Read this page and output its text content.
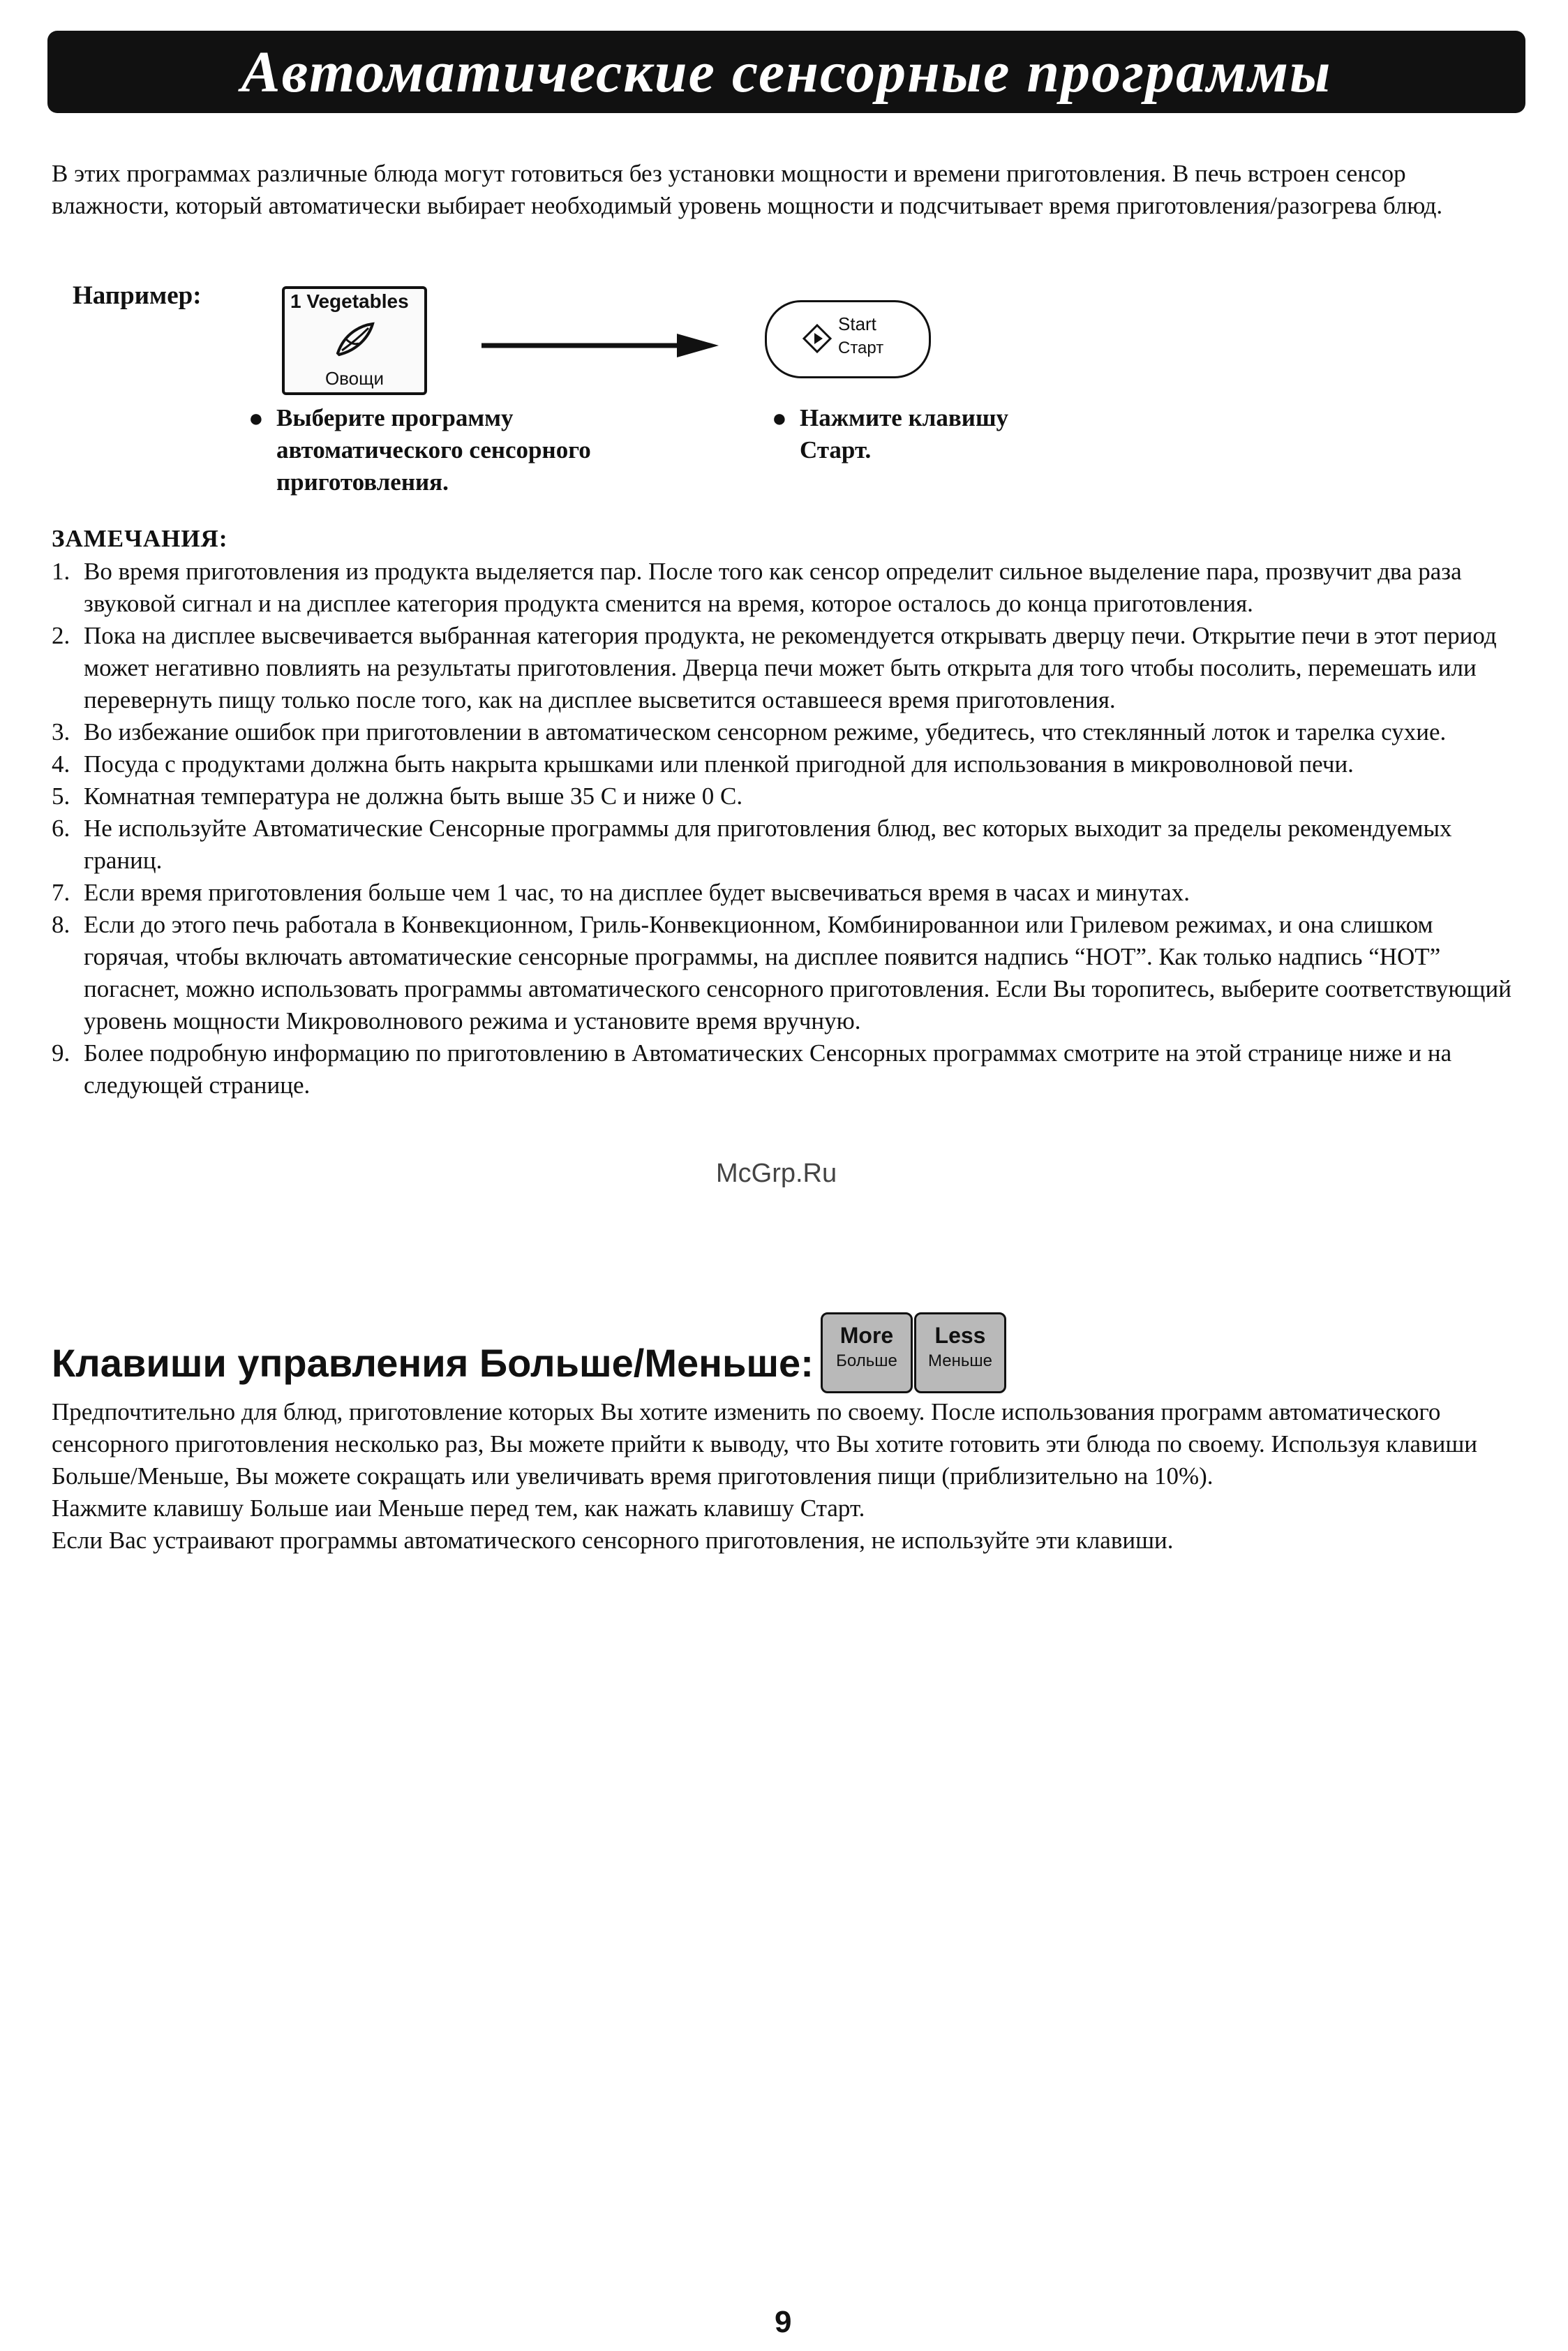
Автоматические сенсорные программы
В этих программах различные блюда могут готовиться без установки мощности и времени приготовления. В печь встроен сенсор влажности, который автоматически выбирает необходимый уровень мощности и подсчитывает время приготовления/разогрева блюд.
Например:	1 Vegetables
Овощи
Start
Старт
● Выберите программу автоматического сенсорного приготовления.
● Нажмите клавишу Старт.
ЗАМЕЧАНИЯ:
1. Во время приготовления из продукта выделяется пар. После того как сенсор определит сильное выделение пара, прозвучит два раза звуковой сигнал и на дисплее категория продукта сменится на время, которое осталось до конца приготовления.
2. Пока на дисплее высвечивается выбранная категория продукта, не рекомендуется открывать дверцу печи. Открытие печи в этот период может негативно повлиять на результаты приготовления. Дверца печи может быть открыта для того чтобы посолить, перемешать или перевернуть пищу только после того, как на дисплее высветится оставшееся время приготовления.
3. Во избежание ошибок при приготовлении в автоматическом сенсорном режиме, убедитесь, что стеклянный лоток и тарелка сухие.
4. Посуда с продуктами должна быть накрыта крышками или пленкой пригодной для использования в микроволновой печи.
5. Комнатная температура не должна быть выше 35 С и ниже 0 С.
6. Не используйте Автоматические Сенсорные программы для приготовления блюд, вес которых выходит за пределы рекомендуемых границ.
7. Если время приготовления больше чем 1 час, то на дисплее будет высвечиваться время в часах и минутах.
8. Если до этого печь работала в Конвекционном, Гриль-Конвекционном, Комбинированнои или Грилевом режимах, и она слишком горячая, чтобы включать автоматические сенсорные программы, на дисплее появится надпись “НОТ”. Как только надпись “НОТ” погаснет, можно использовать программы автоматического сенсорного приготовления. Если Вы торопитесь, выберите соответствующий уровень мощности Микроволнового режима и установите время вручную.
9. Более подробную информацию по приготовлению в Автоматических Сенсорных программах смотрите на этой странице ниже и на следующей странице.
McGrp.Ru
Клавиши управления Больше/Меньше:
More
Больше
Less
Меньше
Предпочтительно для блюд, приготовление которых Вы хотите изменить по своему. После использования программ автоматического сенсорного приготовления несколько раз, Вы можете прийти к выводу, что Вы хотите готовить эти блюда по своему. Используя клавиши Больше/Меньше, Вы можете сокращать или увеличивать время приготовления пищи (приблизительно на 10%).
Нажмите клавишу Больше иаи Меньше перед тем, как нажать клавишу Старт.
Если Вас устраивают программы автоматического сенсорного приготовления, не используйте эти клавиши.
9
